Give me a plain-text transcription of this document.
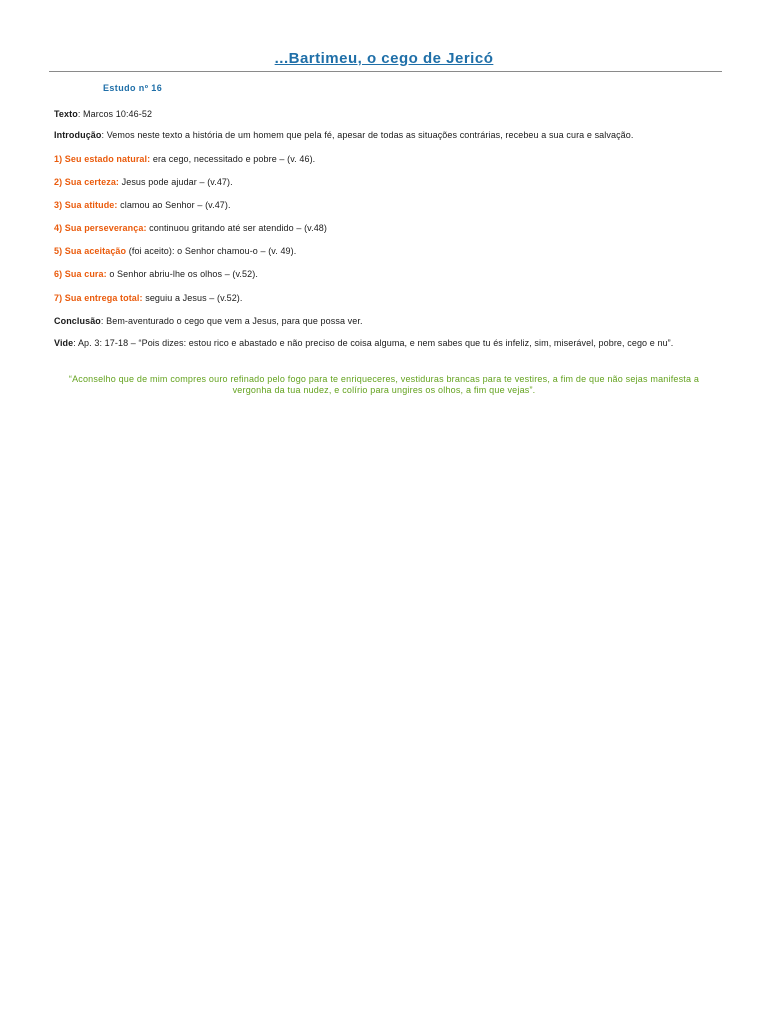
...Bartimeu, o cego de Jericó
Estudo nº 16
Texto: Marcos 10:46-52
Introdução: Vemos neste texto a história de um homem que pela fé, apesar de todas as situações contrárias, recebeu a sua cura e salvação.
1) Seu estado natural: era cego, necessitado e pobre – (v. 46).
2) Sua certeza: Jesus pode ajudar – (v.47).
3) Sua atitude: clamou ao Senhor – (v.47).
4) Sua perseverança: continuou gritando até ser atendido – (v.48)
5) Sua aceitação (foi aceito): o Senhor chamou-o – (v. 49).
6) Sua cura: o Senhor abriu-lhe os olhos – (v.52).
7) Sua entrega total: seguiu a Jesus – (v.52).
Conclusão: Bem-aventurado o cego que vem a Jesus, para que possa ver.
Vide: Ap. 3: 17-18 – “Pois dizes: estou rico e abastado e não preciso de coisa alguma, e nem sabes que tu és infeliz, sim, miserável, pobre, cego e nu”.
“Aconselho que de mim compres ouro refinado pelo fogo para te enriqueceres, vestiduras brancas para te vestires, a fim de que não sejas manifesta a vergonha da tua nudez, e colírio para ungires os olhos, a fim que vejas”.
